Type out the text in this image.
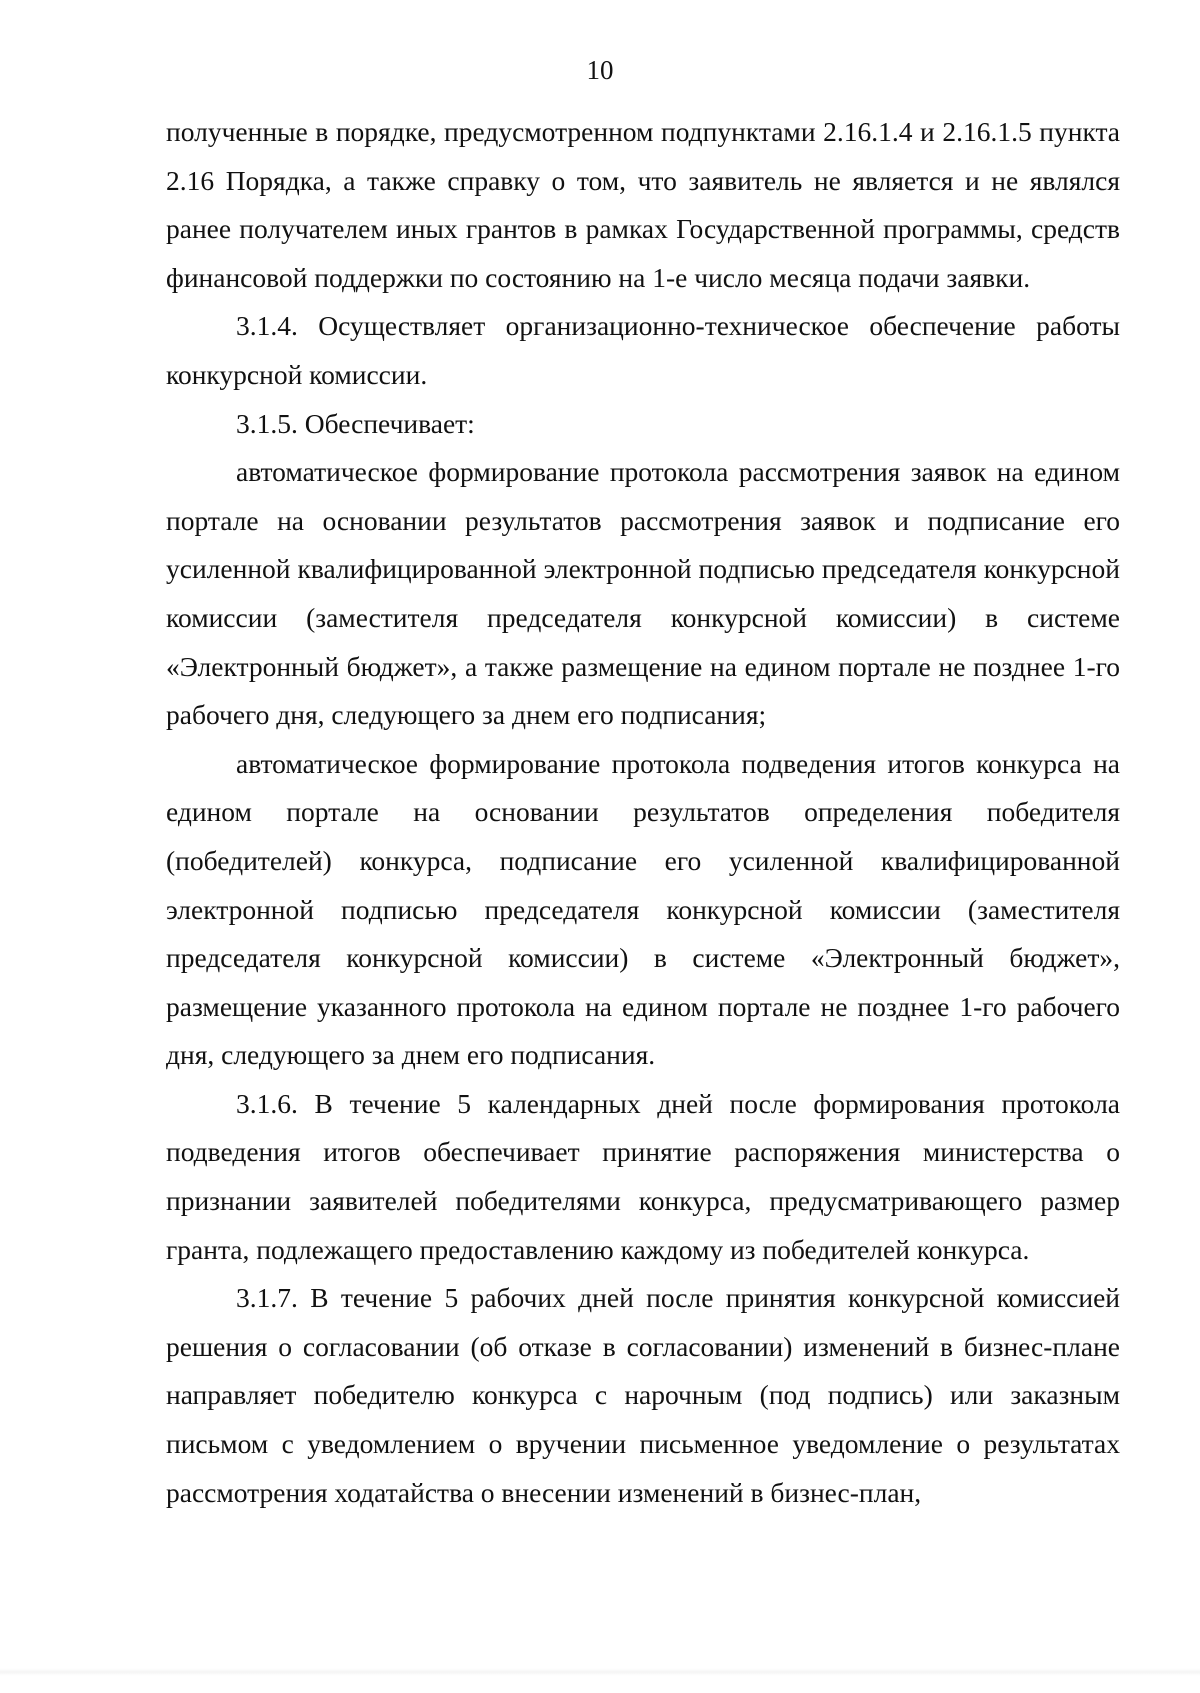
10

полученные в порядке, предусмотренном подпунктами 2.16.1.4 и 2.16.1.5 пункта 2.16 Порядка, а также справку о том, что заявитель не является и не являлся ранее получателем иных грантов в рамках Государственной программы, средств финансовой поддержки по состоянию на 1-е число месяца подачи заявки.

3.1.4. Осуществляет организационно-техническое обеспечение работы конкурсной комиссии.

3.1.5. Обеспечивает:

автоматическое формирование протокола рассмотрения заявок на едином портале на основании результатов рассмотрения заявок и подписание его усиленной квалифицированной электронной подписью председателя конкурсной комиссии (заместителя председателя конкурсной комиссии) в системе «Электронный бюджет», а также размещение на едином портале не позднее 1-го рабочего дня, следующего за днем его подписания;

автоматическое формирование протокола подведения итогов конкурса на едином портале на основании результатов определения победителя (победителей) конкурса, подписание его усиленной квалифицированной электронной подписью председателя конкурсной комиссии (заместителя председателя конкурсной комиссии) в системе «Электронный бюджет», размещение указанного протокола на едином портале не позднее 1-го рабочего дня, следующего за днем его подписания.

3.1.6. В течение 5 календарных дней после формирования протокола подведения итогов обеспечивает принятие распоряжения министерства о признании заявителей победителями конкурса, предусматривающего размер гранта, подлежащего предоставлению каждому из победителей конкурса.

3.1.7. В течение 5 рабочих дней после принятия конкурсной комиссией решения о согласовании (об отказе в согласовании) изменений в бизнес-плане направляет победителю конкурса с нарочным (под подпись) или заказным письмом с уведомлением о вручении письменное уведомление о результатах рассмотрения ходатайства о внесении изменений в бизнес-план,
